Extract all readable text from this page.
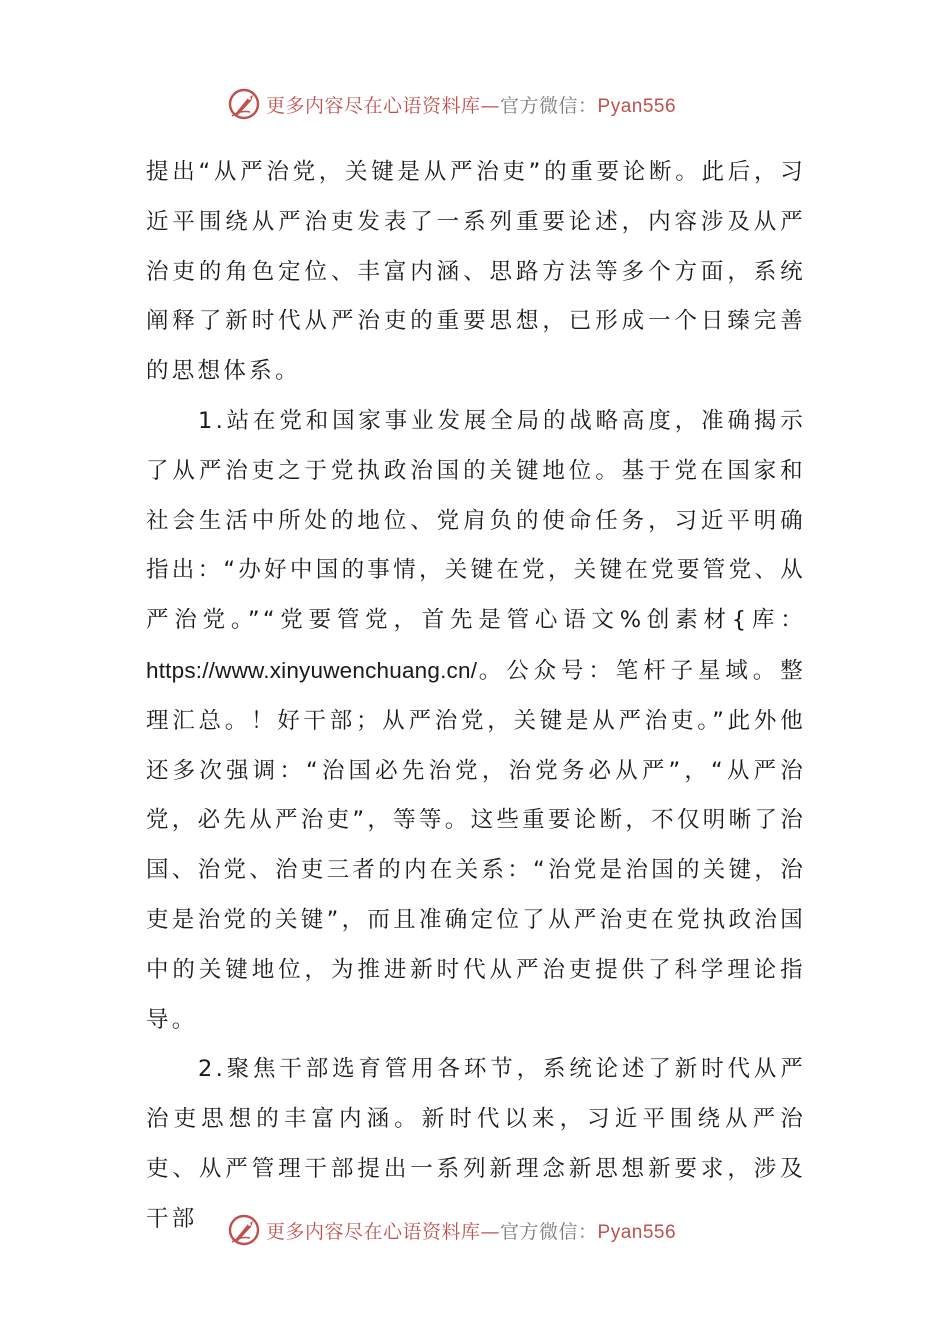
更多内容尽在心语资料库—官方微信：Pyan556

提出“从严治党，关键是从严治吏”的重要论断。此后，习近平围绕从严治吏发表了一系列重要论述，内容涉及从严治吏的角色定位、丰富内涵、思路方法等多个方面，系统阐释了新时代从严治吏的重要思想，已形成一个日臻完善的思想体系。

1.站在党和国家事业发展全局的战略高度，准确揭示了从严治吏之于党执政治国的关键地位。基于党在国家和社会生活中所处的地位、党肩负的使命任务，习近平明确指出：“办好中国的事情，关键在党，关键在党要管党、从严治党。”“党要管党，首先是管心语文%创素材{库：https://www.xinyuwenchuang.cn/。公众号：笔杆子星域。整理汇总。！好干部；从严治党，关键是从严治吏。”此外他还多次强调：“治国必先治党，治党务必从严”，“从严治党，必先从严治吏”，等等。这些重要论断，不仅明晰了治国、治党、治吏三者的内在关系：“治党是治国的关键，治吏是治党的关键”，而且准确定位了从严治吏在党执政治国中的关键地位，为推进新时代从严治吏提供了科学理论指导。

2.聚焦干部选育管用各环节，系统论述了新时代从严治吏思想的丰富内涵。新时代以来，习近平围绕从严治吏、从严管理干部提出一系列新理念新思想新要求，涉及干部	更多内容尽在心语资料库—官方微信：Pyan556
